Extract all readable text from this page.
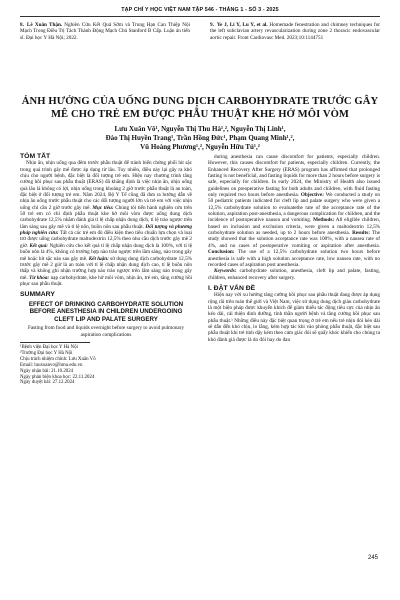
TẠP CHÍ Y HỌC VIỆT NAM TẬP 546 - THÁNG 1 - SỐ 3 - 2025
8. Lê Xuân Thận. Nghiên Cứu Kết Quả Sớm và Trung Hạn Can Thiệp Nội Mạch Trong Điều Trị Tách Thành Động Mạch Chủ Stanford B Cấp. Luận án tiến sĩ. Đại học Y Hà Nội; 2022.
9. Ye J, Li Y, Lu Y, et al. Homemade fenestration and chimney techniques for the left subclavian artery revascularization during zone 2 thoracic endovascular aortic repair. Front Cardiovasc Med. 2023;10:1144751
ẢNH HƯỞNG CỦA UỐNG DUNG DỊCH CARBOHYDRATE TRƯỚC GÂY MÊ CHO TRẺ EM ĐƯỢC PHẪU THUẬT KHE HỞ MÔI VÒM
Lưu Xuân Võ¹, Nguyễn Thị Thu Hà¹,², Nguyễn Thị Linh¹,
Đào Thị Huyền Trang¹, Trần Hồng Đức¹, Phạm Quang Minh¹,²,
Vũ Hoàng Phương¹,², Nguyễn Hữu Tú¹,²

TÓM TẮT

Nhịn ăn, nhịn uống qua đêm trước phẫu thuật để tránh biến chứng phổi hít sặc trong quá trình gây mê được áp dụng từ lâu. Tuy nhiên, điều này lại gây ra khó chịu cho người bệnh, đặc biệt là đối tượng trẻ em. Hiện nay chương trình tăng cường hồi phục sau phẫu thuật (ERAS) đã khẳng định là việc nhịn ăn, nhịn uống quá lâu là không có lợi, nhịn uống trong khoảng 2 giờ trước phẫu thuật là an toàn, đặc biệt ở đối tượng trẻ em. Năm 2024, Bộ Y Tế cũng đã đưa ra hướng dẫn về nhịn ăn uống trước phẫu thuật cho các đối tượng người lớn và trẻ em với việc nhịn uống chỉ cần 2 giờ trước gây mê. Mục tiêu: Chúng tôi tiến hành nghiên cứu trên 50 trẻ em có chỉ định phẫu thuật khe hở môi vòm được uống dung dịch carbohydrate 12,5% nhằm đánh giá tỉ lệ chấp nhận dung dịch, tỉ lệ trào ngược trên lâm sàng sau gây mê và tỉ lệ nôn, buồn nôn sau phẫu thuật. Đối tượng và phương pháp nghiên cứu: Tất cả các trẻ em đủ điều kiện theo tiêu chuẩn lựa chọn và loại trừ được uống carbohydrate maltodextrin 12,5% theo nhu cầu dịch trước gây mê 2 giờ. Kết quả: Nghiên cứu cho kết quả tỉ lệ chấp nhận dung dịch là 100%, với tỉ lệ buồn nôn là 4%, không có trường hợp nào trào ngược trên lâm sàng, nào trong gây mê hoặc hít sặc nào sau gây mê. Kết luận: sử dụng dung dịch carbohydrate 12,5% trước gây mê 2 giờ là an toàn với tỉ lệ chấp nhận dung dịch cao, tỉ lệ buồn nôn thấp và không ghi nhận trường hợp nào trào ngược trên lâm sàng nào trong gây mê. Từ khóa: nạp carbohydrate, khe hở môi vòm, nhịn ăn, trẻ em, tăng cường hồi phục sau phẫu thuật.

SUMMARY

EFFECT OF DRINKING CARBOHYDRATE SOLUTION BEFORE ANESTHESIA IN CHILDREN UNDERGOING CLEFT LIP AND PALATE SURGERY
Fasting from food and liquids overnight before surgery to avoid pulmonary aspiration complications

¹Bệnh viện Đại học Y Hà Nội

²Trường Đại học Y Hà Nội

Chịu trách nhiệm chính: Lưu Xuân Võ

Email: luuxuanvo@hmu.edu.vn

Ngày nhận bài: 21.10.2024

Ngày phản biện khoa học: 22.11.2024

Ngày duyệt bài: 27.12.2024

during anesthesia can cause discomfort for patients, especially children. However, this causes discomfort for patients, especially children. Currently, the Enhanced Recovery After Surgery (ERAS) program has affirmed that prolonged fasting is not beneficial, and fasting liquids for more than 2 hours before surgery is safe, especially for children. In early 2024, the Ministry of Health also issued guidelines on preoperative fasting for both adults and children, with fluid fasting only required two hours before anesthesia. Objective: We conducted a study on 50 pediatric patients indicated for cleft lip and palate surgery who were given a 12,5% carbohydrate solution to evaluatethe rate of the acceptance rate of the solution, aspiration post-anesthesia, a dangerous complication for children, and the incidence of postoperative nausea and vomiting. Methods: All eligible children, based on inclusion and exclusion criteria, were given a maltodextrin 12,5% carbohydrate solution as needed, up to 2 hours before anesthesia. Results: The study showed that the solution acceptance rate was 100%, with a nausea rate of 4%, and no cases of postoperative vomiting or aspiration after anesthesia. Conclusion: The use of a 12,5% carbohydrate solution two hours before anesthesia is safe with a high solution acceptance rate, low nausea rate, with no recorded cases of aspiration post anesthesia.

Keywords: carbohydrate solution, anesthesia, cleft lip and palate, fasting, children, enhanced recovery after surgery.

I. ĐẶT VẤN ĐỀ

Hiện nay với xu hướng tăng cường hồi phục sau phẫu thuật đang được áp dụng rộng rãi trên toàn thế giới và Việt Nam, việc sử dụng dung dịch giàu carbohydrate là một biện pháp được khuyến khích để giảm thiểu tác động tiêu cực của nhịn ăn kéo dài, cải thiện dinh dưỡng, tinh thần người bệnh và tăng cường hồi phục sau phẫu thuật.¹ Những điều này đặc biệt quan trọng ở trẻ em nếu trẻ nhịn đói kéo dài sẽ dẫn đến khó chịu, lo lắng, kém hợp tác khi vào phòng phẫu thuật, đặc biệt sau phẫu thuật khi trẻ tỉnh dậy kém theo cảm giác đói sẽ quấy khóc khiến cho chúng ta khó đánh giá được là do đói hay do đau

245
